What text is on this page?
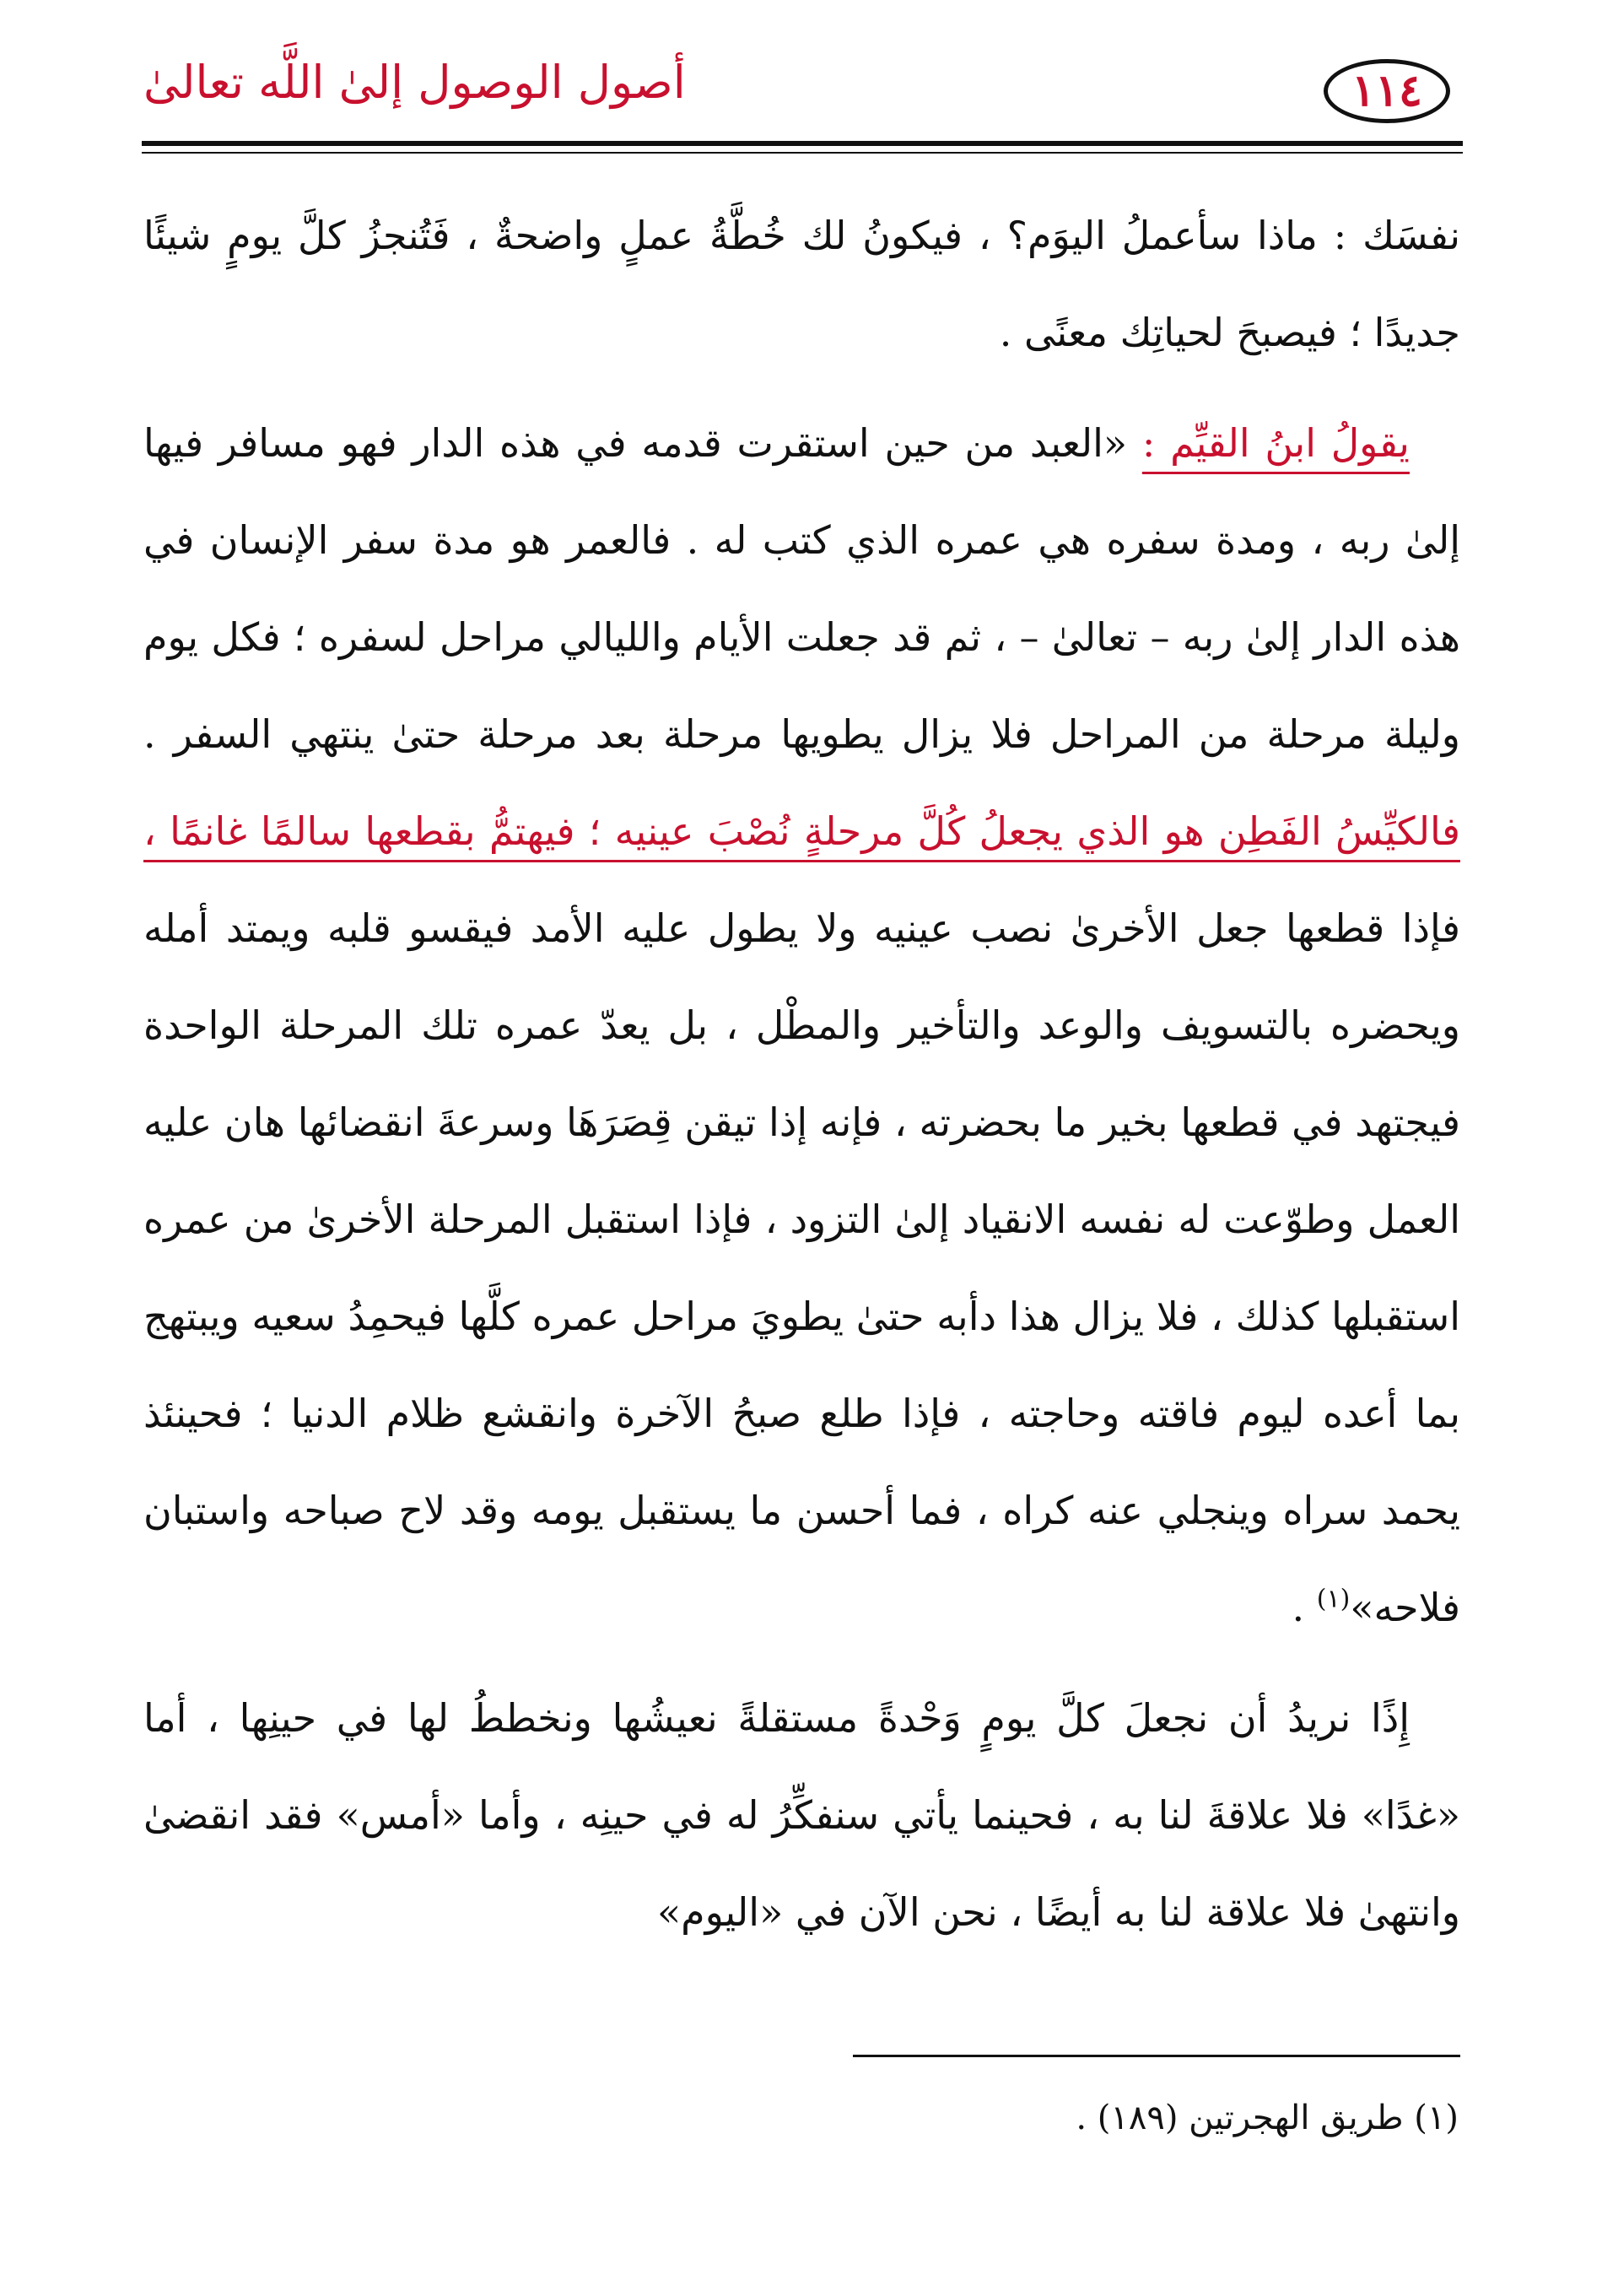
١١٤
أصول الوصول إلىٰ اللَّه تعالىٰ

نفسَك : ماذا سأعملُ اليوَم؟ ، فيكونُ لك خُطَّةُ عملٍ واضحةٌ ، فَتُنجزُ كلَّ يومٍ شيئًا جديدًا ؛ فيصبحَ لحياتِك معنًى .

يقولُ ابنُ القيِّم : «العبد من حين استقرت قدمه في هذه الدار فهو مسافر فيها إلىٰ ربه ، ومدة سفره هي عمره الذي كتب له . فالعمر هو مدة سفر الإنسان في هذه الدار إلىٰ ربه – تعالىٰ – ، ثم قد جعلت الأيام والليالي مراحل لسفره ؛ فكل يوم وليلة مرحلة من المراحل فلا يزال يطويها مرحلة بعد مرحلة حتىٰ ينتهي السفر . فالكيِّسُ الفَطِن هو الذي يجعلُ كُلَّ مرحلةٍ نُصْبَ عينيه ؛ فيهتمُّ بقطعها سالمًا غانمًا ، فإذا قطعها جعل الأخرىٰ نصب عينيه ولا يطول عليه الأمد فيقسو قلبه ويمتد أمله ويحضره بالتسويف والوعد والتأخير والمطْل ، بل يعدّ عمره تلك المرحلة الواحدة فيجتهد في قطعها بخير ما بحضرته ، فإنه إذا تيقن قِصَرَهَا وسرعةَ انقضائها هان عليه العمل وطوّعت له نفسه الانقياد إلىٰ التزود ، فإذا استقبل المرحلة الأخرىٰ من عمره استقبلها كذلك ، فلا يزال هذا دأبه حتىٰ يطويَ مراحل عمره كلَّها فيحمِدُ سعيه ويبتهج بما أعده ليوم فاقته وحاجته ، فإذا طلع صبحُ الآخرة وانقشع ظلام الدنيا ؛ فحينئذ يحمد سراه وينجلي عنه كراه ، فما أحسن ما يستقبل يومه وقد لاح صباحه واستبان فلاحه»$^{(١)}$ .

إِذًا نريدُ أن نجعلَ كلَّ يومٍ وَحْدةً مستقلةً نعيشُها ونخططُ لها في حينِها ، أما «غدًا» فلا علاقةَ لنا به ، فحينما يأتي سنفكِّرُ له في حينِه ، وأما «أمس» فقد انقضىٰ وانتهىٰ فلا علاقة لنا به أيضًا ، نحن الآن في «اليوم»

(١) طريق الهجرتين (١٨٩) .
